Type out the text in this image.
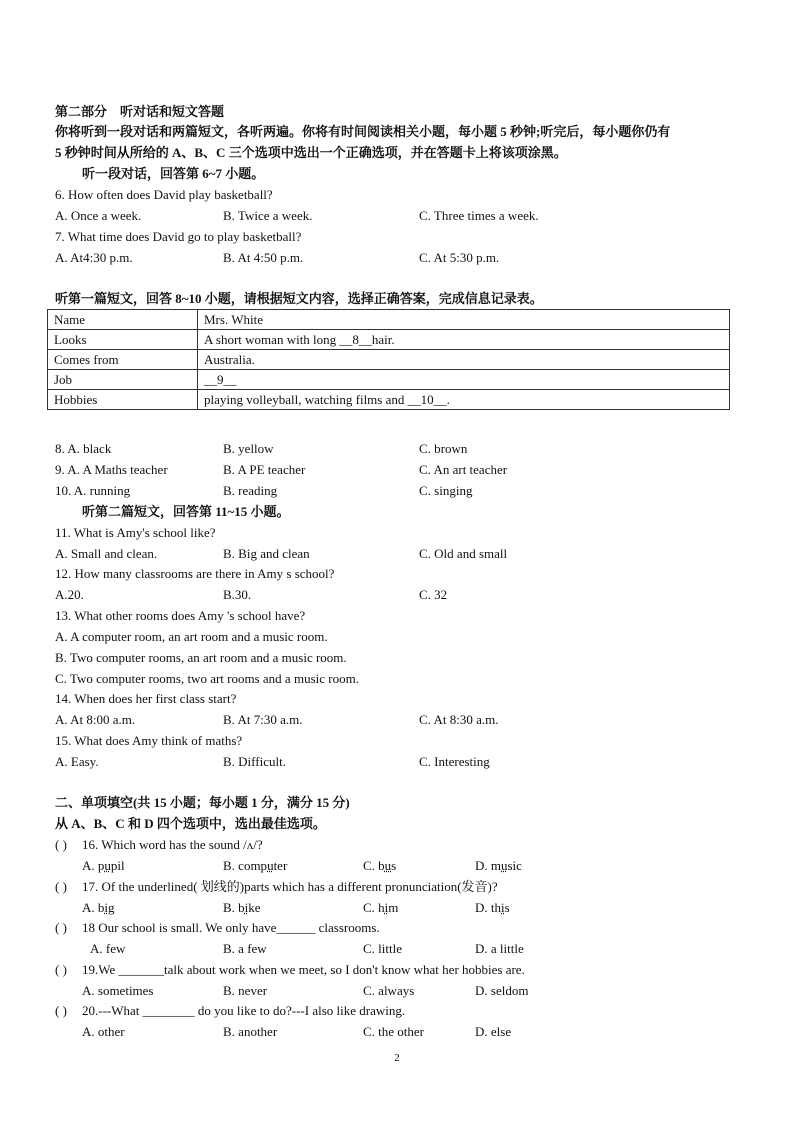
第二部分　听对话和短文答题
你将听到一段对话和两篇短文，各听两遍。你将有时间阅读相关小题，每小题 5 秒钟;听完后，每小题你仍有
5 秒钟时间从所给的 A、B、C 三个选项中选出一个正确选项，并在答题卡上将该项涂黑。
听一段对话，回答第 6~7 小题。
6. How often does David play basketball?
A. Once a week.	B. Twice a week.	C. Three times a week.
7. What time does David go to play basketball?
A. At4:30 p.m.	B. At 4:50 p.m.	C. At 5:30 p.m.
听第一篇短文，回答 8~10 小题，请根据短文内容，选择正确答案，完成信息记录表。
Name	Mrs. White
Looks	A short woman with long __8__hair.
Comes from	Australia.
Job	__9__
Hobbies	playing volleyball, watching films and __10__.
8. A. black	B. yellow	C. brown
9. A. A Maths teacher	B. A PE teacher	C. An art teacher
10. A. running	B. reading	C. singing
听第二篇短文，回答第 11~15 小题。
11. What is Amy's school like?
A. Small and clean.	B. Big and clean	C. Old and small
12. How many classrooms are there in Amy s school?
A.20.	B.30.	C. 32
13. What other rooms does Amy 's school have?
A. A computer room, an art room and a music room.
B. Two computer rooms, an art room and a music room.
C. Two computer rooms, two art rooms and a music room.
14. When does her first class start?
A. At 8:00 a.m.	B. At 7:30 a.m.	C. At 8:30 a.m.
15. What does Amy think of maths?
A. Easy.	B. Difficult.	C. Interesting
二、单项填空(共 15 小题；每小题 1 分，满分 15 分)
从 A、B、C 和 D 四个选项中，选出最佳选项。
( ) 16. Which word has the sound /ʌ/?
A. pupil	B. computer	C. bus	D. music
( ) 17. Of the underlined( 划线的)parts which has a different pronunciation(发音)?
A. big	B. bike	C. him	D. this
( ) 18 Our school is small. We only have______ classrooms.
A. few	B. a few	C. little	D. a little
( ) 19.We _______talk about work when we meet, so I don't know what her hobbies are.
A. sometimes	B. never	C. always	D. seldom
( ) 20.---What ________ do you like to do?---I also like drawing.
A. other	B. another	C. the other	D. else
2
